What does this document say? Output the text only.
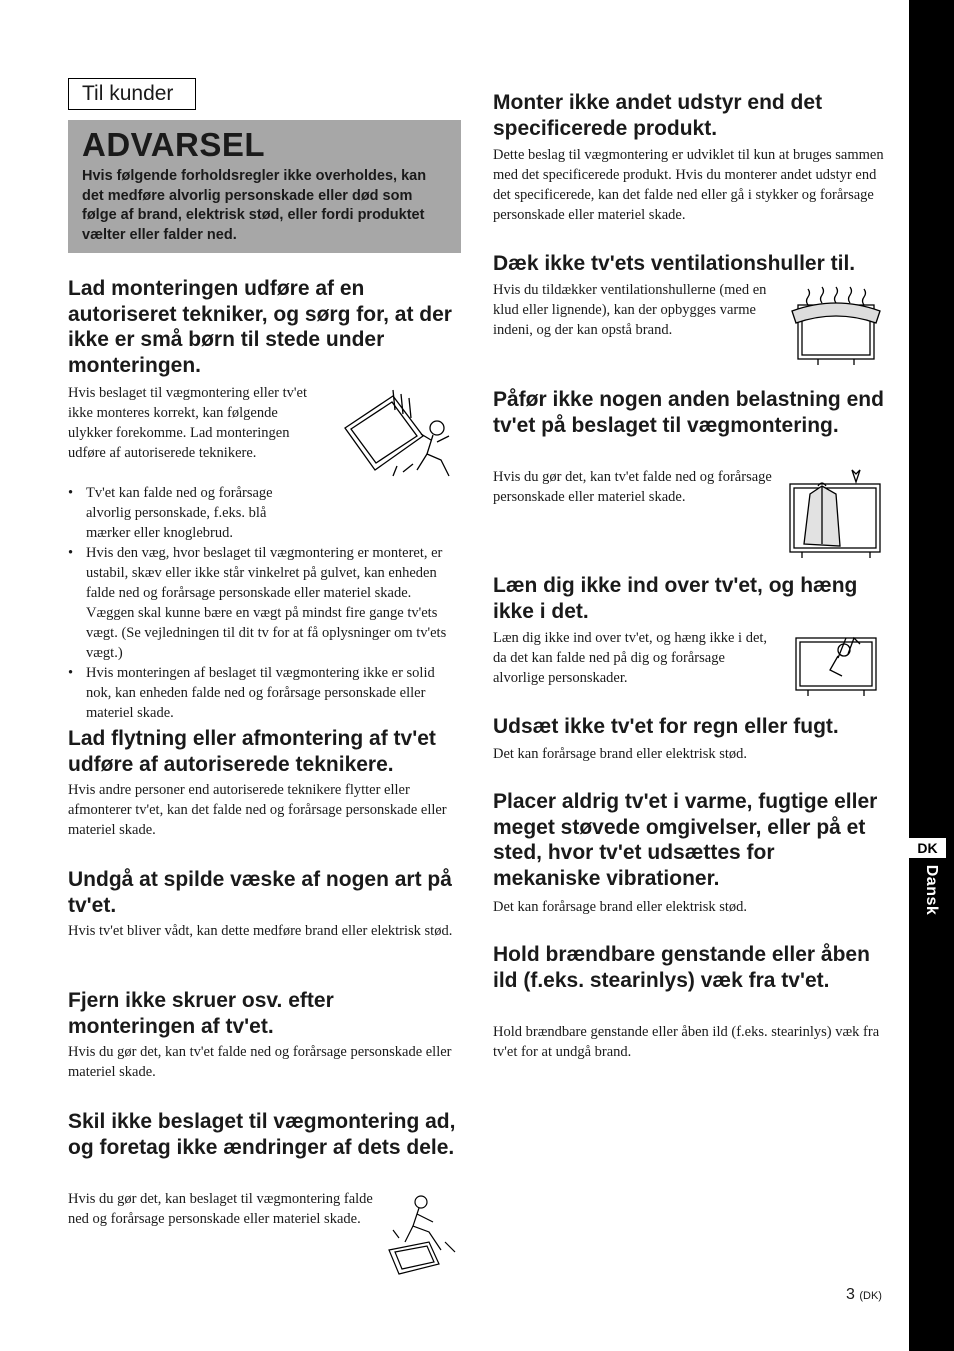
Til kunder
ADVARSEL
Hvis følgende forholdsregler ikke overholdes, kan det medføre alvorlig personskade eller død som følge af brand, elektrisk stød, eller fordi produktet vælter eller falder ned.
Lad monteringen udføre af en autoriseret tekniker, og sørg for, at der ikke er små børn til stede under monteringen.

Hvis beslaget til vægmontering eller tv'et ikke monteres korrekt, kan følgende ulykker forekomme. Lad monteringen udføre af autoriserede teknikere.

• Tv'et kan falde ned og forårsage alvorlig personskade, f.eks. blå mærker eller knoglebrud.
• Hvis den væg, hvor beslaget til vægmontering er monteret, er ustabil, skæv eller ikke står vinkelret på gulvet, kan enheden falde ned og forårsage personskade eller materiel skade. Væggen skal kunne bære en vægt på mindst fire gange tv'ets vægt. (Se vejledningen til dit tv for at få oplysninger om tv'ets vægt.)
• Hvis monteringen af beslaget til vægmontering ikke er solid nok, kan enheden falde ned og forårsage personskade eller materiel skade.
Lad flytning eller afmontering af tv'et udføre af autoriserede teknikere.

Hvis andre personer end autoriserede teknikere flytter eller afmonterer tv'et, kan det falde ned og forårsage personskade eller materiel skade.

Undgå at spilde væske af nogen art på tv'et.

Hvis tv'et bliver vådt, kan dette medføre brand eller elektrisk stød.

Fjern ikke skruer osv. efter monteringen af tv'et.

Hvis du gør det, kan tv'et falde ned og forårsage personskade eller materiel skade.

Skil ikke beslaget til vægmontering ad, og foretag ikke ændringer af dets dele.

Hvis du gør det, kan beslaget til vægmontering falde ned og forårsage personskade eller materiel skade.

Monter ikke andet udstyr end det specificerede produkt.

Dette beslag til vægmontering er udviklet til kun at bruges sammen med det specificerede produkt. Hvis du monterer andet udstyr end det specificerede, kan det falde ned eller gå i stykker og forårsage personskade eller materiel skade.

Dæk ikke tv'ets ventilationshuller til.

Hvis du tildækker ventilationshullerne (med en klud eller lignende), kan der opbygges varme indeni, og der kan opstå brand.

Påfør ikke nogen anden belastning end tv'et på beslaget til vægmontering.

Hvis du gør det, kan tv'et falde ned og forårsage personskade eller materiel skade.

Læn dig ikke ind over tv'et, og hæng ikke i det.

Læn dig ikke ind over tv'et, og hæng ikke i det, da det kan falde ned på dig og forårsage alvorlige personskader.

Udsæt ikke tv'et for regn eller fugt.

Det kan forårsage brand eller elektrisk stød.

Placer aldrig tv'et i varme, fugtige eller meget støvede omgivelser, eller på et sted, hvor tv'et udsættes for mekaniske vibrationer.

Det kan forårsage brand eller elektrisk stød.

Hold brændbare genstande eller åben ild (f.eks. stearinlys) væk fra tv'et.

Hold brændbare genstande eller åben ild (f.eks. stearinlys) væk fra tv'et for at undgå brand.

DK
Dansk
3 (DK)
